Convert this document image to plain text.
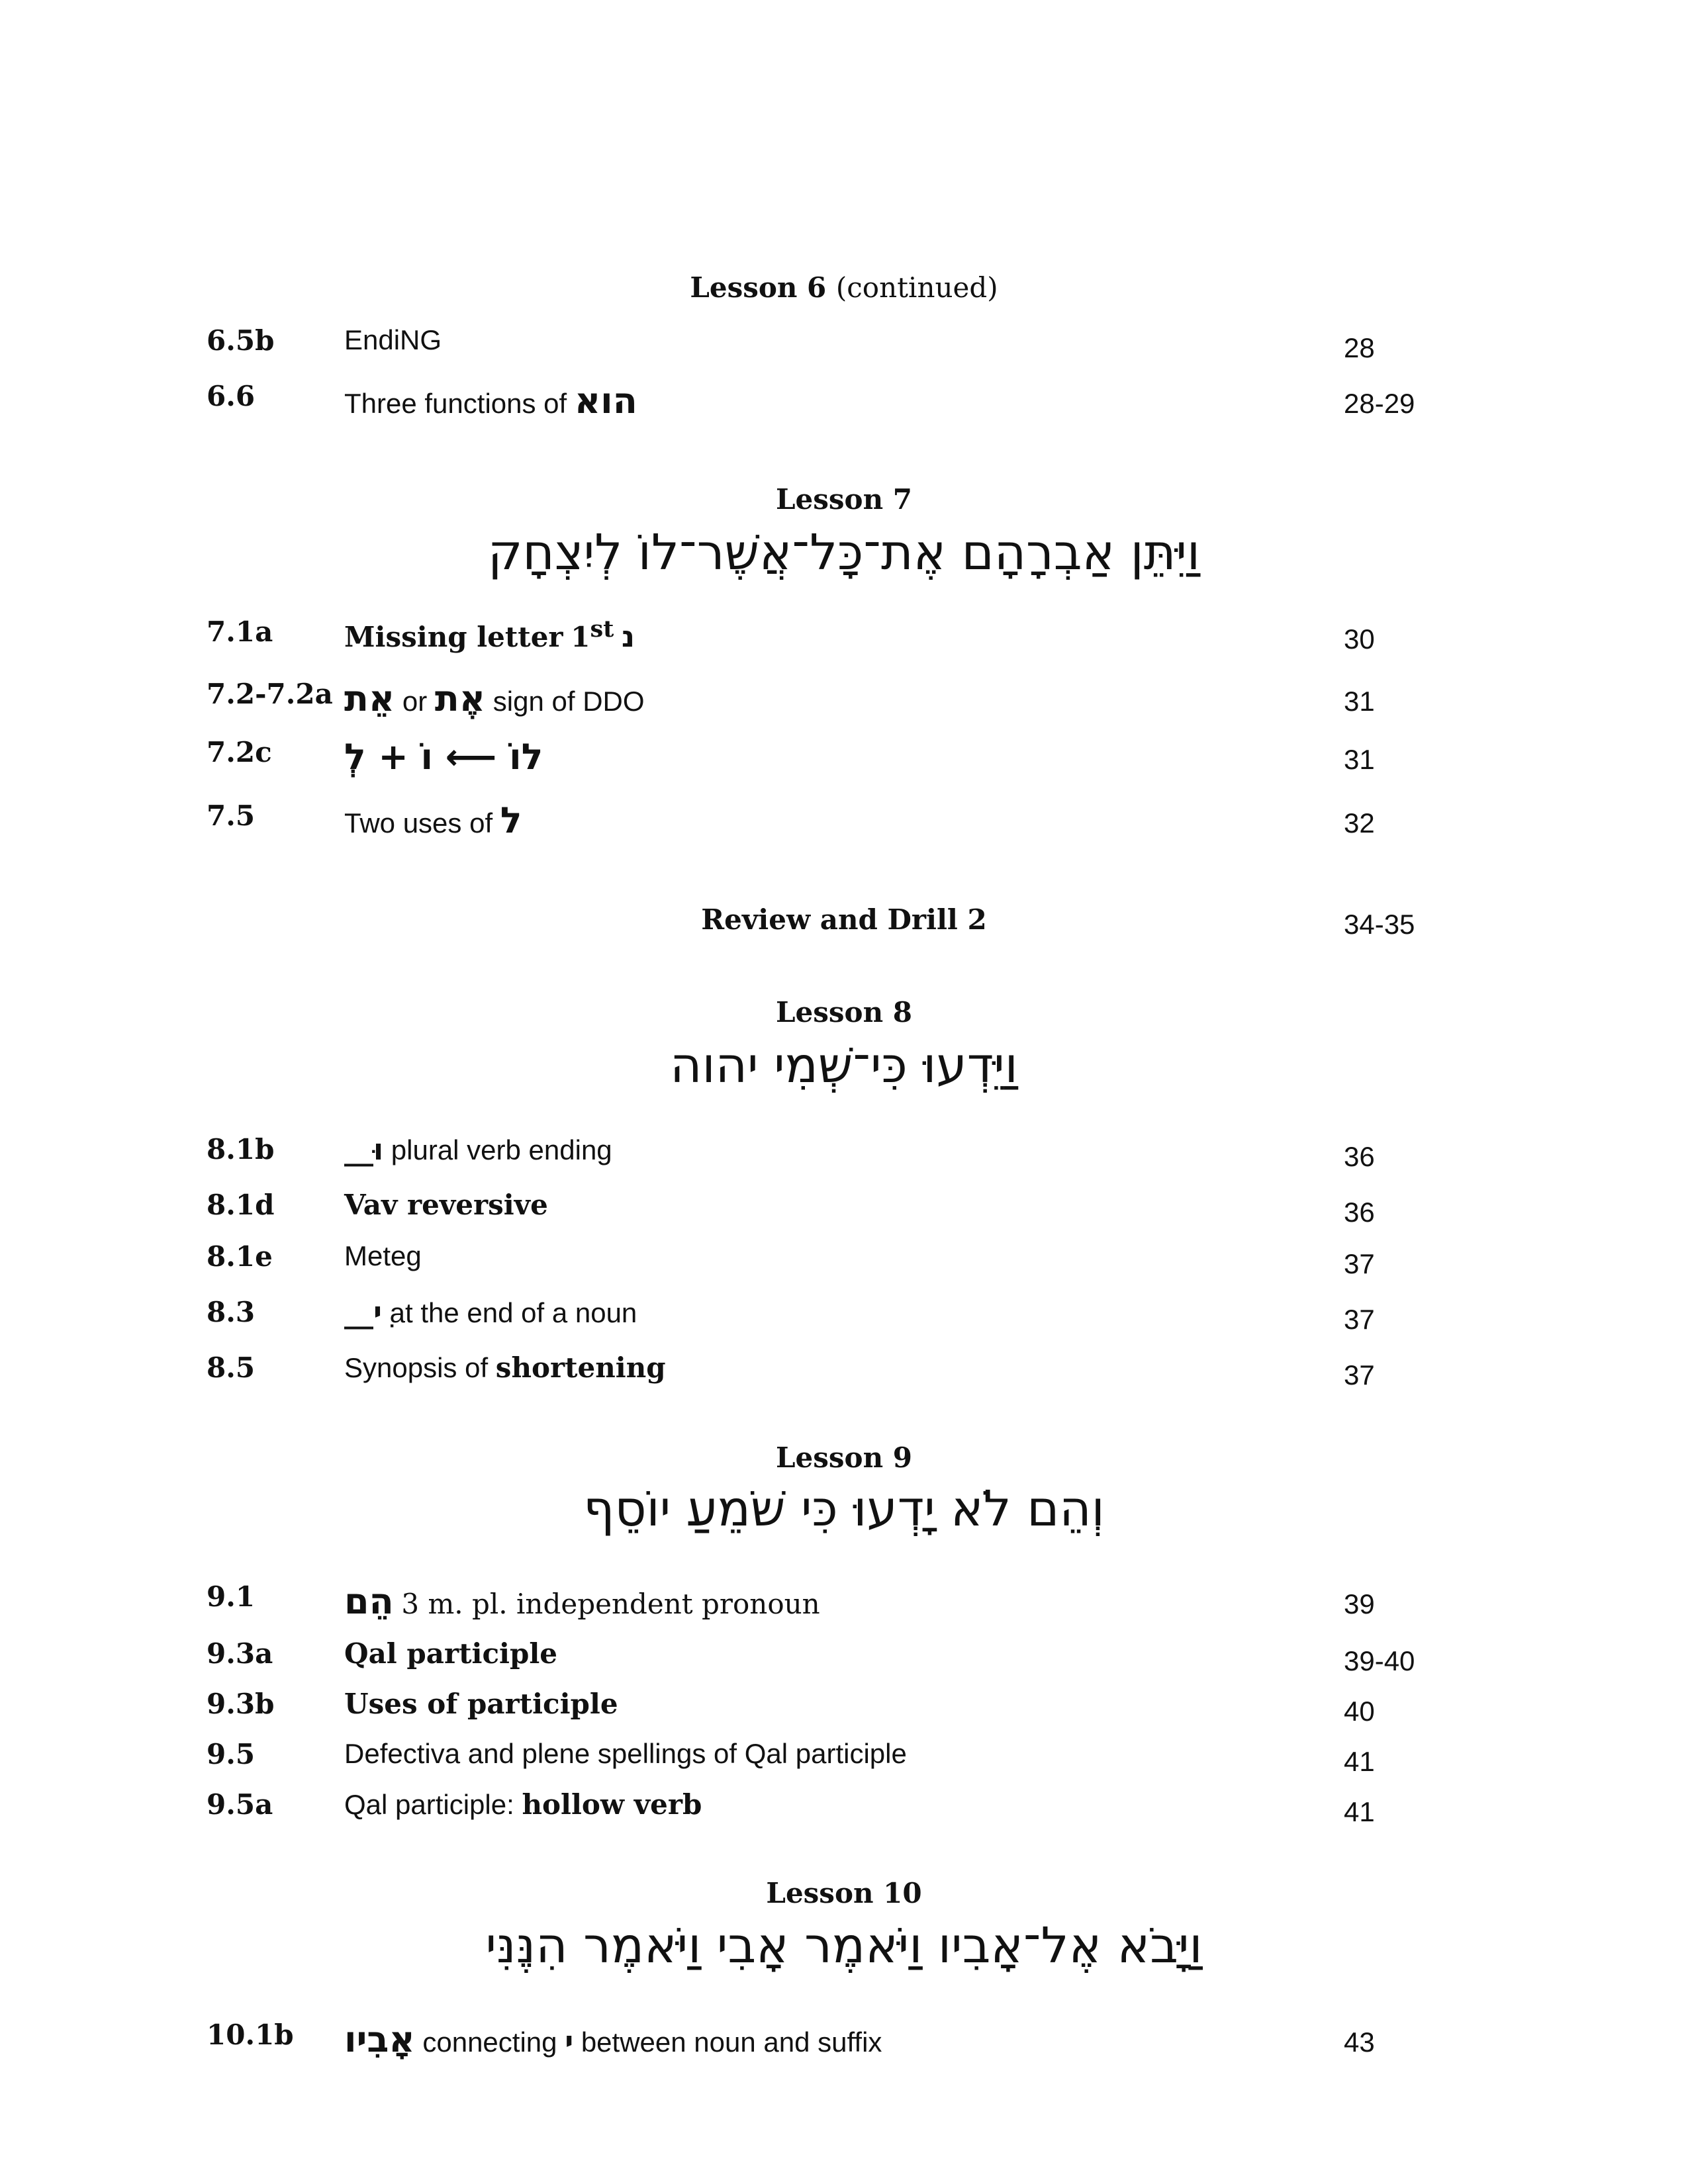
Lesson 6 (continued)
6.5b	EndiNG	28
6.6	Three functions of הוא	28-29
Lesson 7
וַיִּתֵּן אַבְרָהָם אֶת־כָּל־אֲשֶׁר־לוֹ לְיִצְחָק
7.1a	Missing letter 1st נ	30
7.2-7.2a אֵת or אֶת sign of DDO	31
7.2c לוֹ ⟵ וֹ + לְ	31
7.5	Two uses of ל	32
Review and Drill 2	34-35
Lesson 8
וַיֵּדְעוּ כִּי־שְׁמִי יהוה
8.1b וּ__ plural verb ending	36
8.1d	Vav reversive	36
8.1e	Meteg	37
8.3	ִי__ at the end of a noun	37
8.5	Synopsis of shortening	37
Lesson 9
וְהֵם לֹא יָדְעוּ כִּי שֹׁמֵעַ יוֹסֵף
9.1 הֵם 3 m. pl. independent pronoun	39
9.3a	Qal participle	39-40
9.3b	Uses of participle	40
9.5	Defectiva and plene spellings of Qal participle	41
9.5a	Qal participle: hollow verb	41
Lesson 10
וַיָּבֹא אֶל־אָבִיו וַיֹּאמֶר אָבִי וַיֹּאמֶר הִנֶּנִּי
10.1b אָבִיו connecting י between noun and suffix	43
